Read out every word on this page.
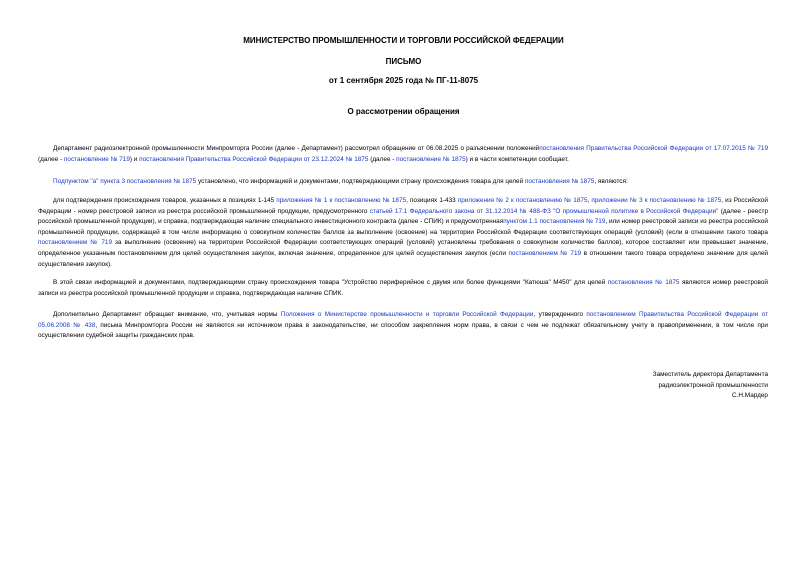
МИНИСТЕРСТВО ПРОМЫШЛЕННОСТИ И ТОРГОВЛИ РОССИЙСКОЙ ФЕДЕРАЦИИ
ПИСЬМО
от 1 сентября 2025 года № ПГ-11-8075
О рассмотрении обращения
Департамент радиоэлектронной промышленности Минпромторга России (далее - Департамент) рассмотрел обращение от 06.08.2025 о разъяснении положенийпостановления Правительства Российской Федерации от 17.07.2015 № 719 (далее - постановление № 719) и постановления Правительства Российской Федерации от 23.12.2024 № 1875 (далее - постановление № 1875) и в части компетенции сообщает.
Подпунктом "а" пункта 3 постановления № 1875 установлено, что информацией и документами, подтверждающими страну происхождения товара для целей постановления № 1875, являются:
для подтверждения происхождения товаров, указанных в позициях 1-145 приложения № 1 к постановлению № 1875, позициях 1-433 приложения № 2 к постановлению № 1875, приложении № 3 к постановлению № 1875, из Российской Федерации - номер реестровой записи из реестра российской промышленной продукции, предусмотренного статьей 17.1 Федерального закона от 31.12.2014 № 488-ФЗ "О промышленной политике в Российской Федерации" (далее - реестр российской промышленной продукции), и справка, подтверждающая наличие специального инвестиционного контракта (далее - СПИК) и предусмотреннаяпунктом 1.1 постановления № 719, или номер реестровой записи из реестра российской промышленной продукции, содержащей в том числе информацию о совокупном количестве баллов за выполнение (освоение) на территории Российской Федерации соответствующих операций (условий) (если в отношении такого товара постановлением № 719 за выполнение (освоение) на территории Российской Федерации соответствующих операций (условий) установлены требования о совокупном количестве баллов), которое составляет или превышает значение, определенное указанным постановлением для целей осуществления закупок, включая значение, определенное для целей осуществления закупок (если постановлением № 719 в отношении такого товара определено значение для целей осуществления закупок).
В этой связи информацией и документами, подтверждающими страну происхождения товара "Устройство периферийное с двумя или более функциями "Катюша" М450" для целей постановления № 1875 являются номер реестровой записи из реестра российской промышленной продукции и справка, подтверждающая наличие СПИК.
Дополнительно Департамент обращает внимание, что, учитывая нормы Положения о Министерстве промышленности и торговли Российской Федерации, утвержденного постановлением Правительства Российской Федерации от 05.06.2008 № 438, письма Минпромторга России не являются ни источником права в законодательстве, ни способом закрепления норм права, в связи с чем не подлежат обязательному учету в правоприменении, в том числе при осуществлении судебной защиты гражданских прав.
Заместитель директора Департамента
радиоэлектронной промышленности
С.Н.Мардер
